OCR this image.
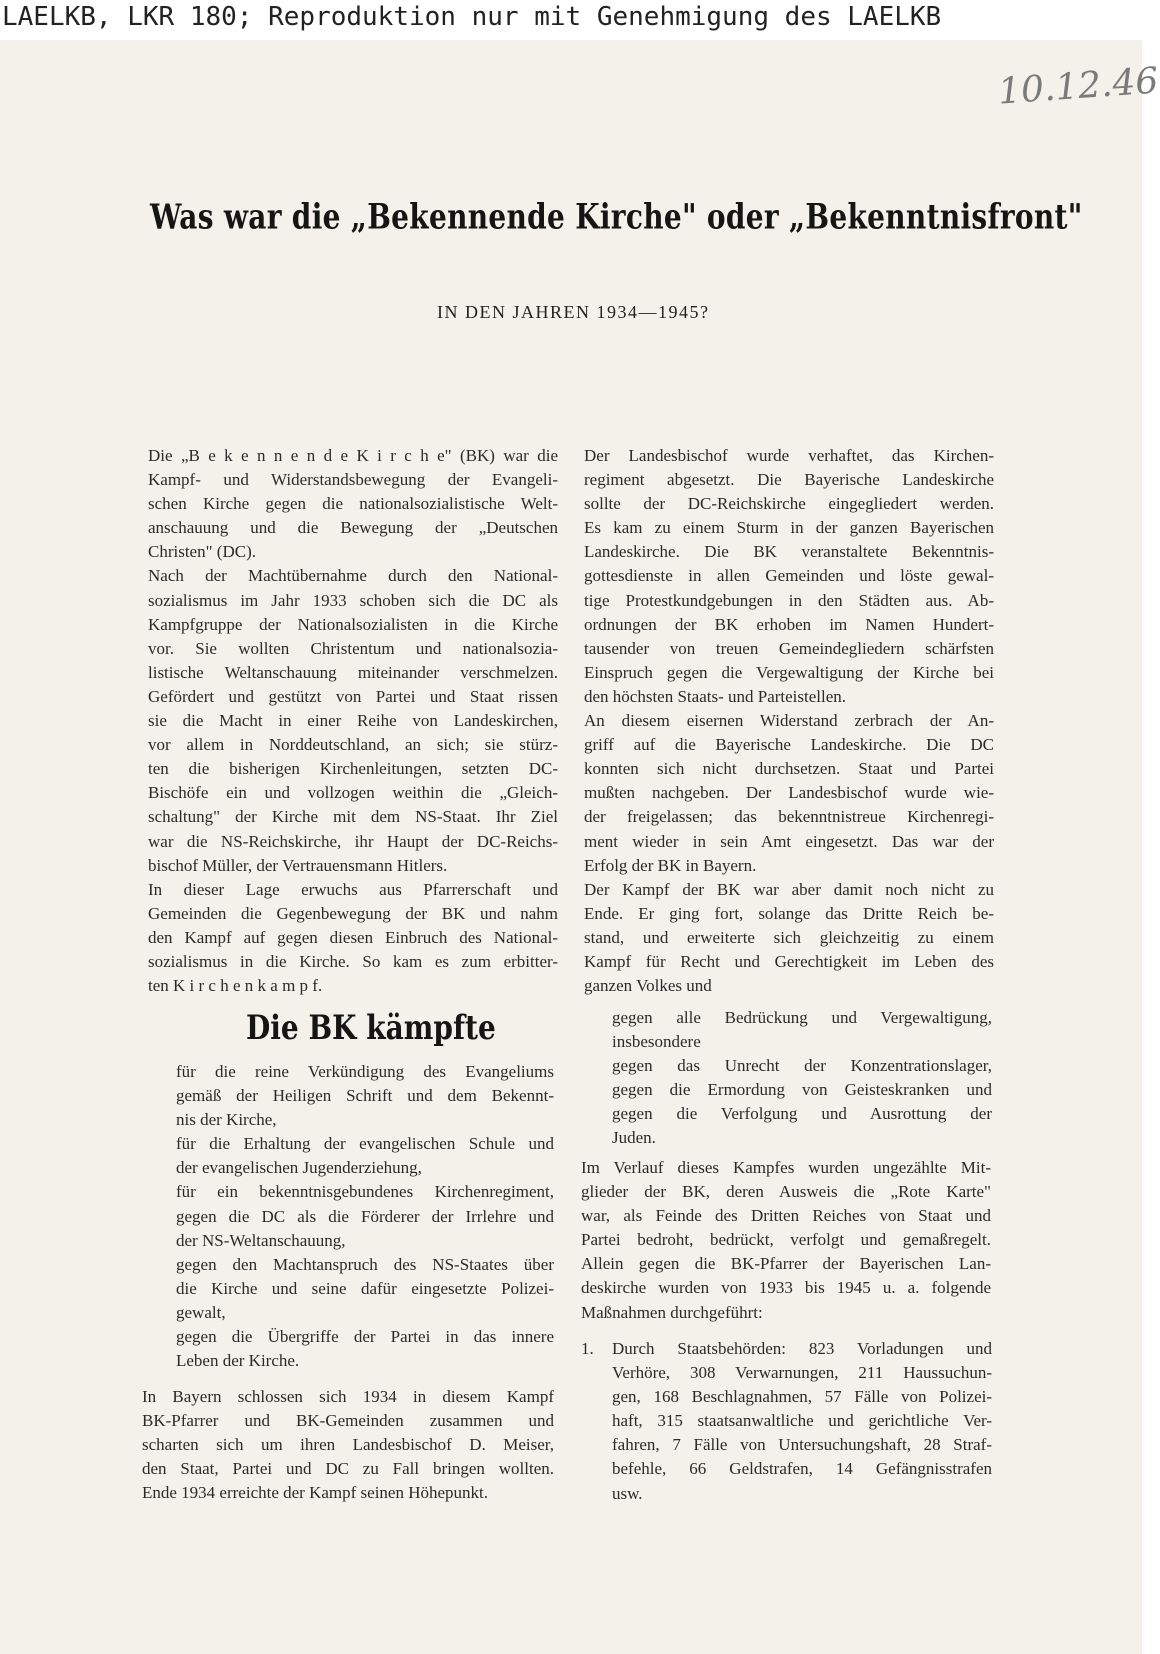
LAELKB, LKR 180; Reproduktion nur mit Genehmigung des LAELKB
10.12.46
Was war die „Bekennende Kirche" oder „Bekenntnisfront"
IN DEN JAHREN 1934—1945?

Die „B e k e n n e n d e K i r c h e" (BK) war die

Kampf- und Widerstandsbewegung der Evangeli-

schen Kirche gegen die nationalsozialistische Welt-

anschauung und die Bewegung der „Deutschen

Christen" (DC).

Nach der Machtübernahme durch den National-

sozialismus im Jahr 1933 schoben sich die DC als

Kampfgruppe der Nationalsozialisten in die Kirche

vor. Sie wollten Christentum und nationalsozia-

listische Weltanschauung miteinander verschmelzen.

Gefördert und gestützt von Partei und Staat rissen

sie die Macht in einer Reihe von Landeskirchen,

vor allem in Norddeutschland, an sich; sie stürz-

ten die bisherigen Kirchenleitungen, setzten DC-

Bischöfe ein und vollzogen weithin die „Gleich-

schaltung" der Kirche mit dem NS-Staat. Ihr Ziel

war die NS-Reichskirche, ihr Haupt der DC-Reichs-

bischof Müller, der Vertrauensmann Hitlers.

In dieser Lage erwuchs aus Pfarrerschaft und

Gemeinden die Gegenbewegung der BK und nahm

den Kampf auf gegen diesen Einbruch des National-

sozialismus in die Kirche. So kam es zum erbitter-

ten K i r c h e n k a m p f.

Die BK kämpfte

für die reine Verkündigung des Evangeliums

gemäß der Heiligen Schrift und dem Bekennt-

nis der Kirche,

für die Erhaltung der evangelischen Schule und

der evangelischen Jugenderziehung,

für ein bekenntnisgebundenes Kirchenregiment,

gegen die DC als die Förderer der Irrlehre und

der NS-Weltanschauung,

gegen den Machtanspruch des NS-Staates über

die Kirche und seine dafür eingesetzte Polizei-

gewalt,

gegen die Übergriffe der Partei in das innere

Leben der Kirche.

In Bayern schlossen sich 1934 in diesem Kampf

BK-Pfarrer und BK-Gemeinden zusammen und

scharten sich um ihren Landesbischof D. Meiser,

den Staat, Partei und DC zu Fall bringen wollten.

Ende 1934 erreichte der Kampf seinen Höhepunkt.

Der Landesbischof wurde verhaftet, das Kirchen-

regiment abgesetzt. Die Bayerische Landeskirche

sollte der DC-Reichskirche eingegliedert werden.

Es kam zu einem Sturm in der ganzen Bayerischen

Landeskirche. Die BK veranstaltete Bekenntnis-

gottesdienste in allen Gemeinden und löste gewal-

tige Protestkundgebungen in den Städten aus. Ab-

ordnungen der BK erhoben im Namen Hundert-

tausender von treuen Gemeindegliedern schärfsten

Einspruch gegen die Vergewaltigung der Kirche bei

den höchsten Staats- und Parteistellen.

An diesem eisernen Widerstand zerbrach der An-

griff auf die Bayerische Landeskirche. Die DC

konnten sich nicht durchsetzen. Staat und Partei

mußten nachgeben. Der Landesbischof wurde wie-

der freigelassen; das bekenntnistreue Kirchenregi-

ment wieder in sein Amt eingesetzt. Das war der

Erfolg der BK in Bayern.

Der Kampf der BK war aber damit noch nicht zu

Ende. Er ging fort, solange das Dritte Reich be-

stand, und erweiterte sich gleichzeitig zu einem

Kampf für Recht und Gerechtigkeit im Leben des

ganzen Volkes und

gegen alle Bedrückung und Vergewaltigung,

insbesondere

gegen das Unrecht der Konzentrationslager,

gegen die Ermordung von Geisteskranken und

gegen die Verfolgung und Ausrottung der

Juden.

Im Verlauf dieses Kampfes wurden ungezählte Mit-

glieder der BK, deren Ausweis die „Rote Karte"

war, als Feinde des Dritten Reiches von Staat und

Partei bedroht, bedrückt, verfolgt und gemaßregelt.

Allein gegen die BK-Pfarrer der Bayerischen Lan-

deskirche wurden von 1933 bis 1945 u. a. folgende

Maßnahmen durchgeführt:

1. Durch Staatsbehörden: 823 Vorladungen und

Verhöre, 308 Verwarnungen, 211 Haussuchun-

gen, 168 Beschlagnahmen, 57 Fälle von Polizei-

haft, 315 staatsanwaltliche und gerichtliche Ver-

fahren, 7 Fälle von Untersuchungshaft, 28 Straf-

befehle, 66 Geldstrafen, 14 Gefängnisstrafen

usw.
